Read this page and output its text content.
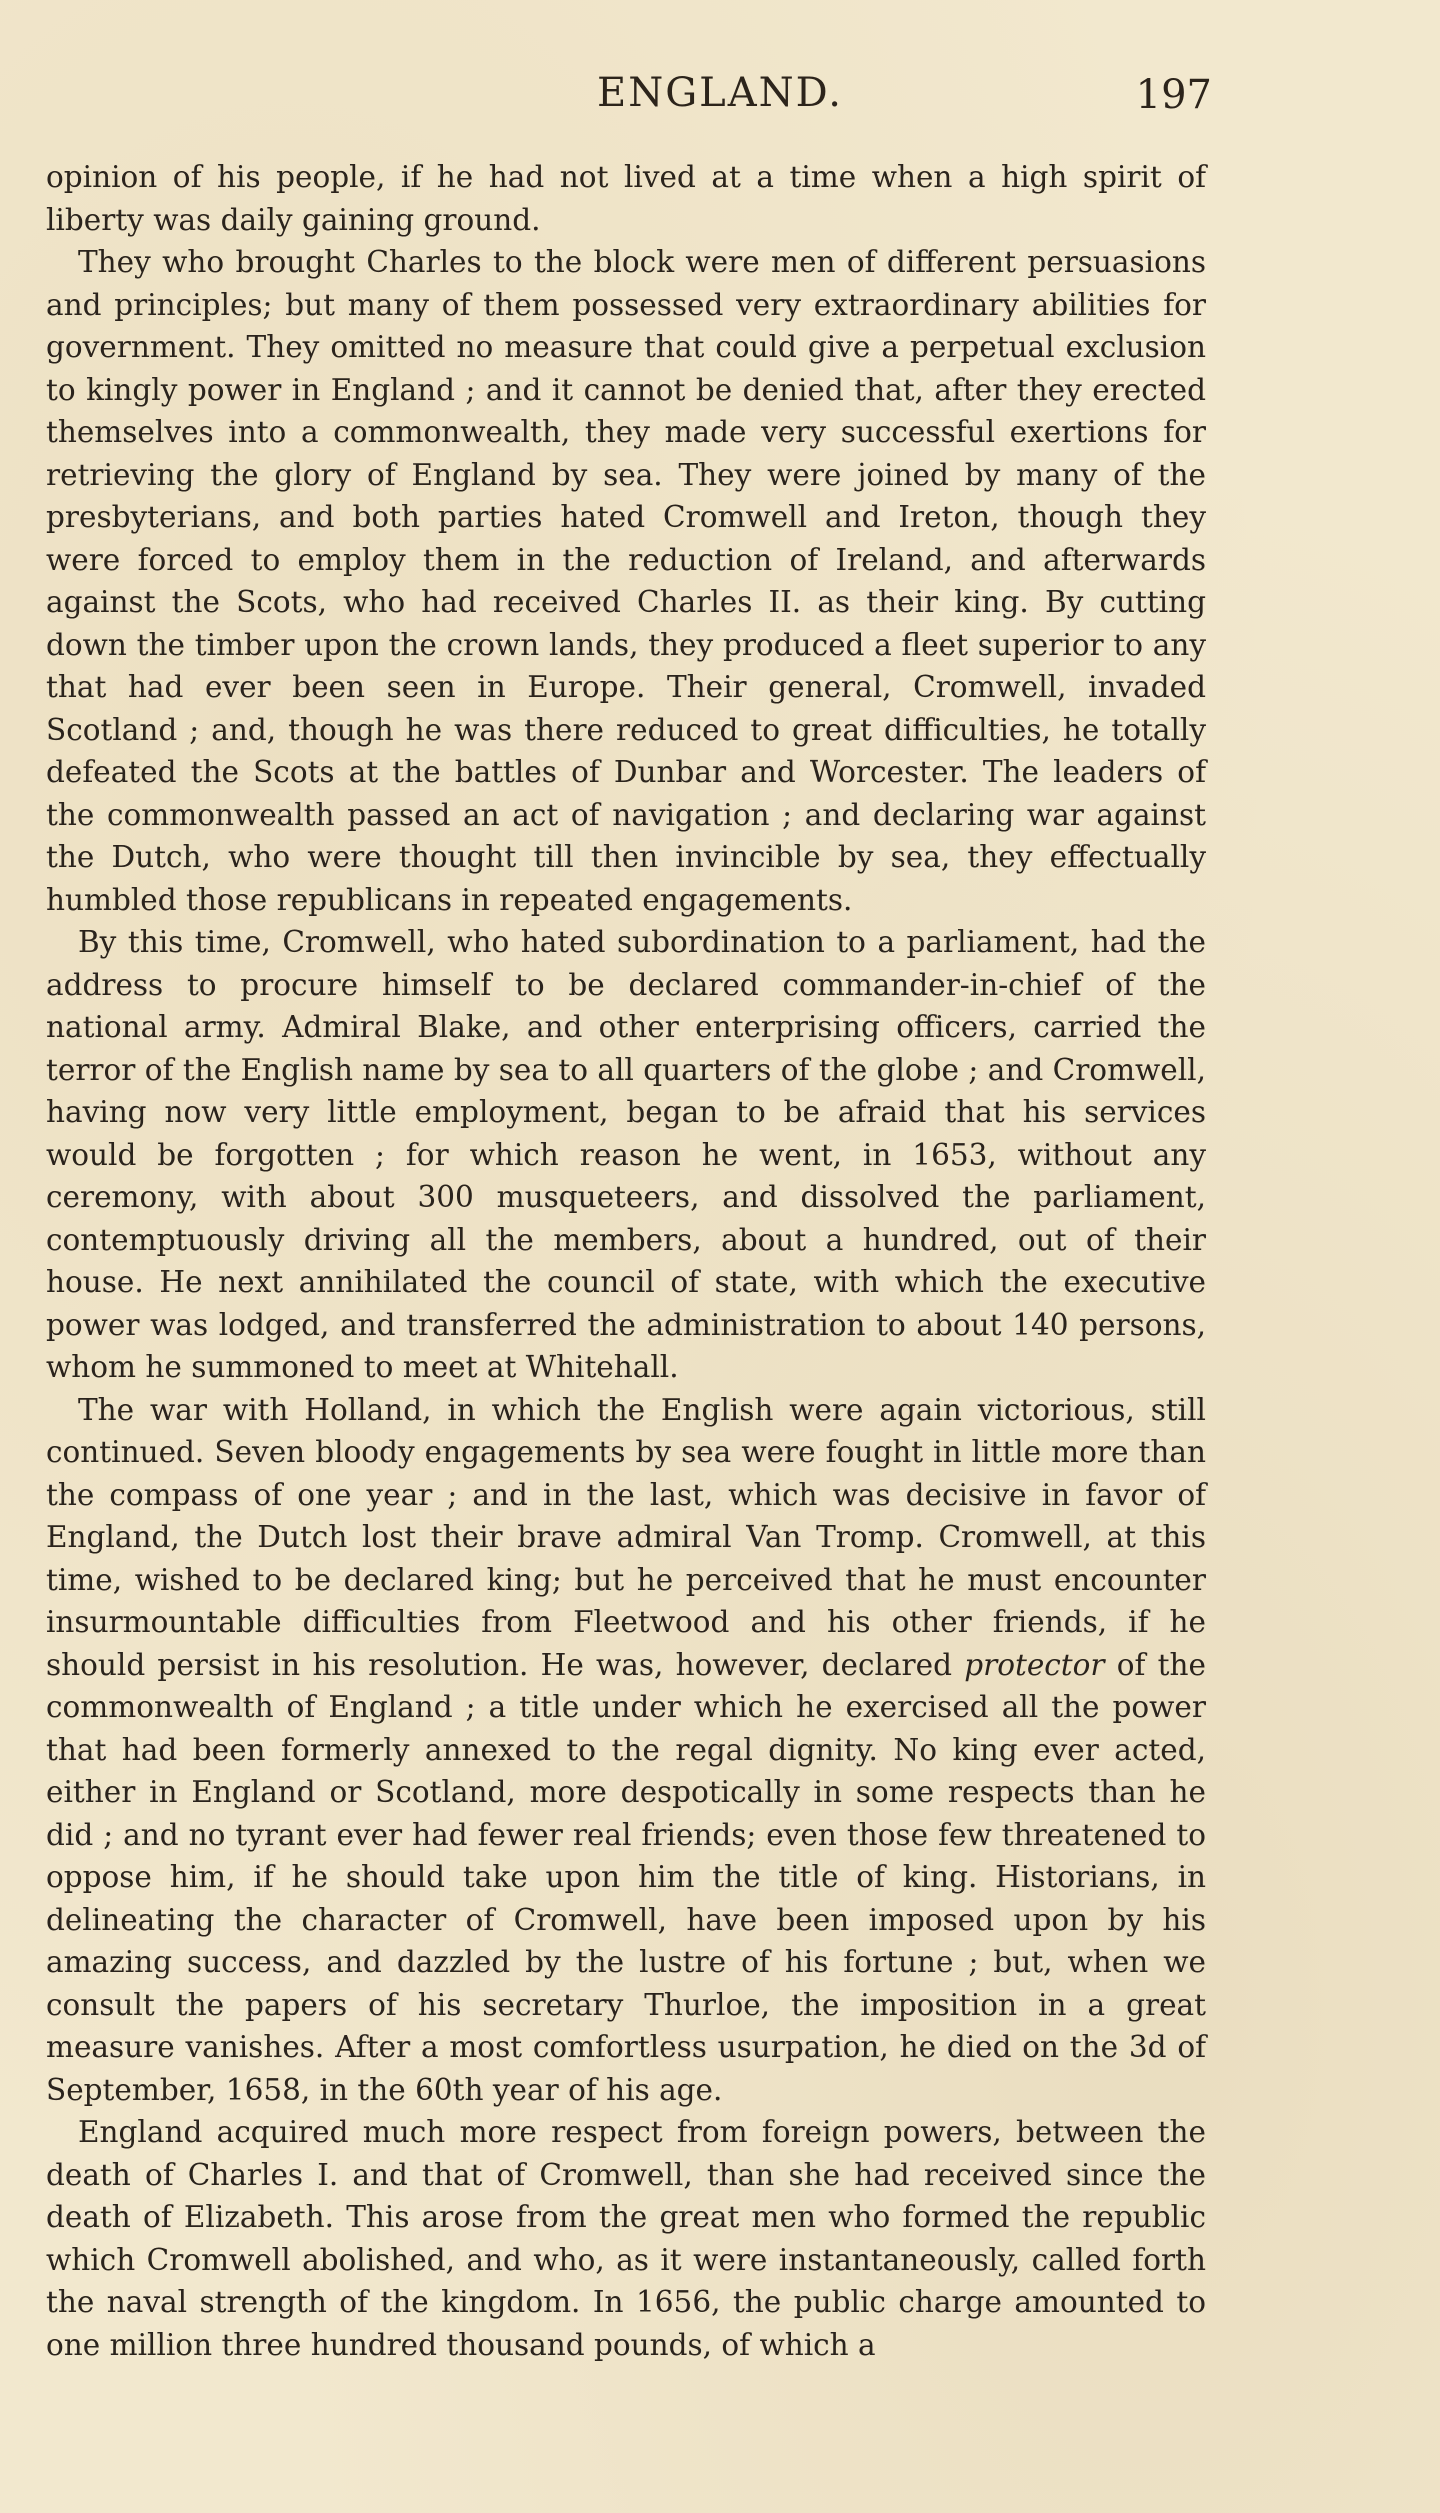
ENGLAND.	197

opinion of his people, if he had not lived at a time when a high spirit of liberty was daily gaining ground.

They who brought Charles to the block were men of different persuasions and principles; but many of them possessed very extraordinary abilities for government. They omitted no measure that could give a perpetual exclusion to kingly power in England ; and it cannot be denied that, after they erected themselves into a commonwealth, they made very successful exertions for retrieving the glory of England by sea. They were joined by many of the presbyterians, and both parties hated Cromwell and Ireton, though they were forced to employ them in the reduction of Ireland, and afterwards against the Scots, who had received Charles II. as their king. By cutting down the timber upon the crown lands, they produced a fleet superior to any that had ever been seen in Europe. Their general, Cromwell, invaded Scotland ; and, though he was there reduced to great difficulties, he totally defeated the Scots at the battles of Dunbar and Worcester. The leaders of the commonwealth passed an act of navigation ; and declaring war against the Dutch, who were thought till then invincible by sea, they effectually humbled those republicans in repeated engagements.

By this time, Cromwell, who hated subordination to a parliament, had the address to procure himself to be declared commander-in-chief of the national army. Admiral Blake, and other enterprising officers, carried the terror of the English name by sea to all quarters of the globe ; and Cromwell, having now very little employment, began to be afraid that his services would be forgotten ; for which reason he went, in 1653, without any ceremony, with about 300 musqueteers, and dissolved the parliament, contemptuously driving all the members, about a hundred, out of their house. He next annihilated the council of state, with which the executive power was lodged, and transferred the administration to about 140 persons, whom he summoned to meet at Whitehall.

The war with Holland, in which the English were again victorious, still continued. Seven bloody engagements by sea were fought in little more than the compass of one year ; and in the last, which was decisive in favor of England, the Dutch lost their brave admiral Van Tromp. Cromwell, at this time, wished to be declared king; but he perceived that he must encounter insurmountable difficulties from Fleetwood and his other friends, if he should persist in his resolution. He was, however, declared protector of the commonwealth of England ; a title under which he exercised all the power that had been formerly annexed to the regal dignity. No king ever acted, either in England or Scotland, more despotically in some respects than he did ; and no tyrant ever had fewer real friends; even those few threatened to oppose him, if he should take upon him the title of king. Historians, in delineating the character of Cromwell, have been imposed upon by his amazing success, and dazzled by the lustre of his fortune ; but, when we consult the papers of his secretary Thurloe, the imposition in a great measure vanishes. After a most comfortless usurpation, he died on the 3d of September, 1658, in the 60th year of his age.

England acquired much more respect from foreign powers, between the death of Charles I. and that of Cromwell, than she had received since the death of Elizabeth. This arose from the great men who formed the republic which Cromwell abolished, and who, as it were instantaneously, called forth the naval strength of the kingdom. In 1656, the public charge amounted to one million three hundred thousand pounds, of which a
